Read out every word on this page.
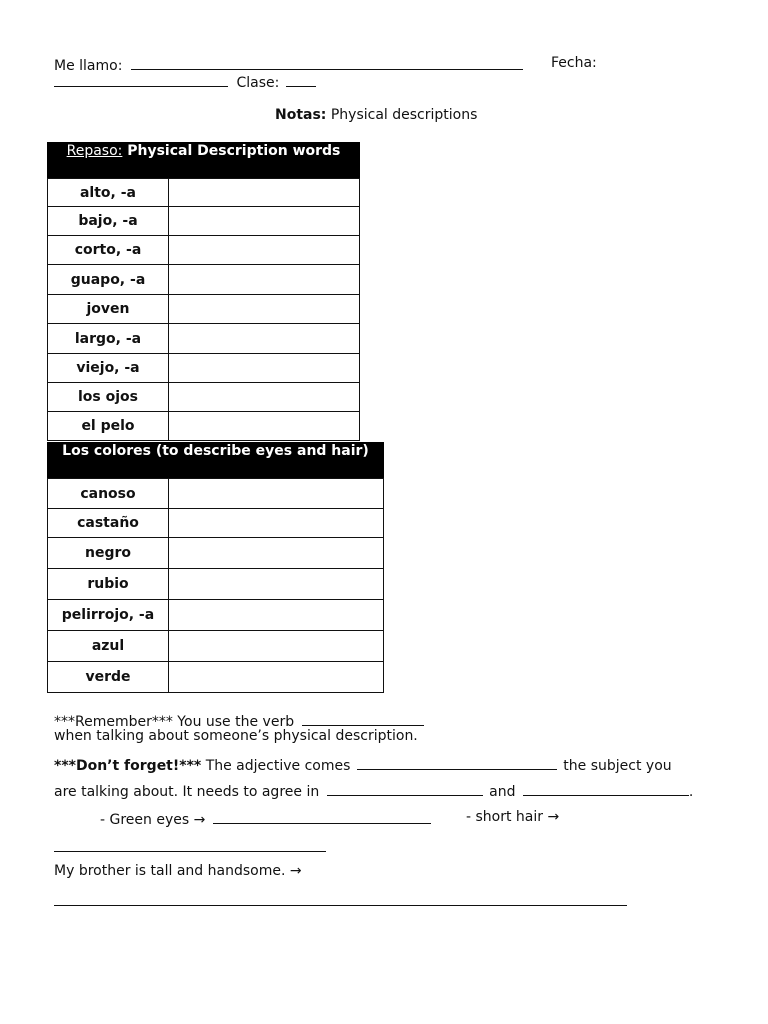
Me llamo:	Fecha:
Clase:
Notas: Physical descriptions
Repaso: Physical Description words
alto, -a	
bajo, -a	
corto, -a	
guapo, -a	
joven	
largo, -a	
viejo, -a	
los ojos	
el pelo	
Los colores (to describe eyes and hair)
canoso	
castaño	
negro	
rubio	
pelirrojo, -a	
azul	
verde	
***Remember*** You use the verb
when talking about someone’s physical description.
***Don’t forget!*** The adjective comes	the subject you
are talking about. It needs to agree in	and	.
- Green eyes →	- short hair →
My brother is tall and handsome. →
